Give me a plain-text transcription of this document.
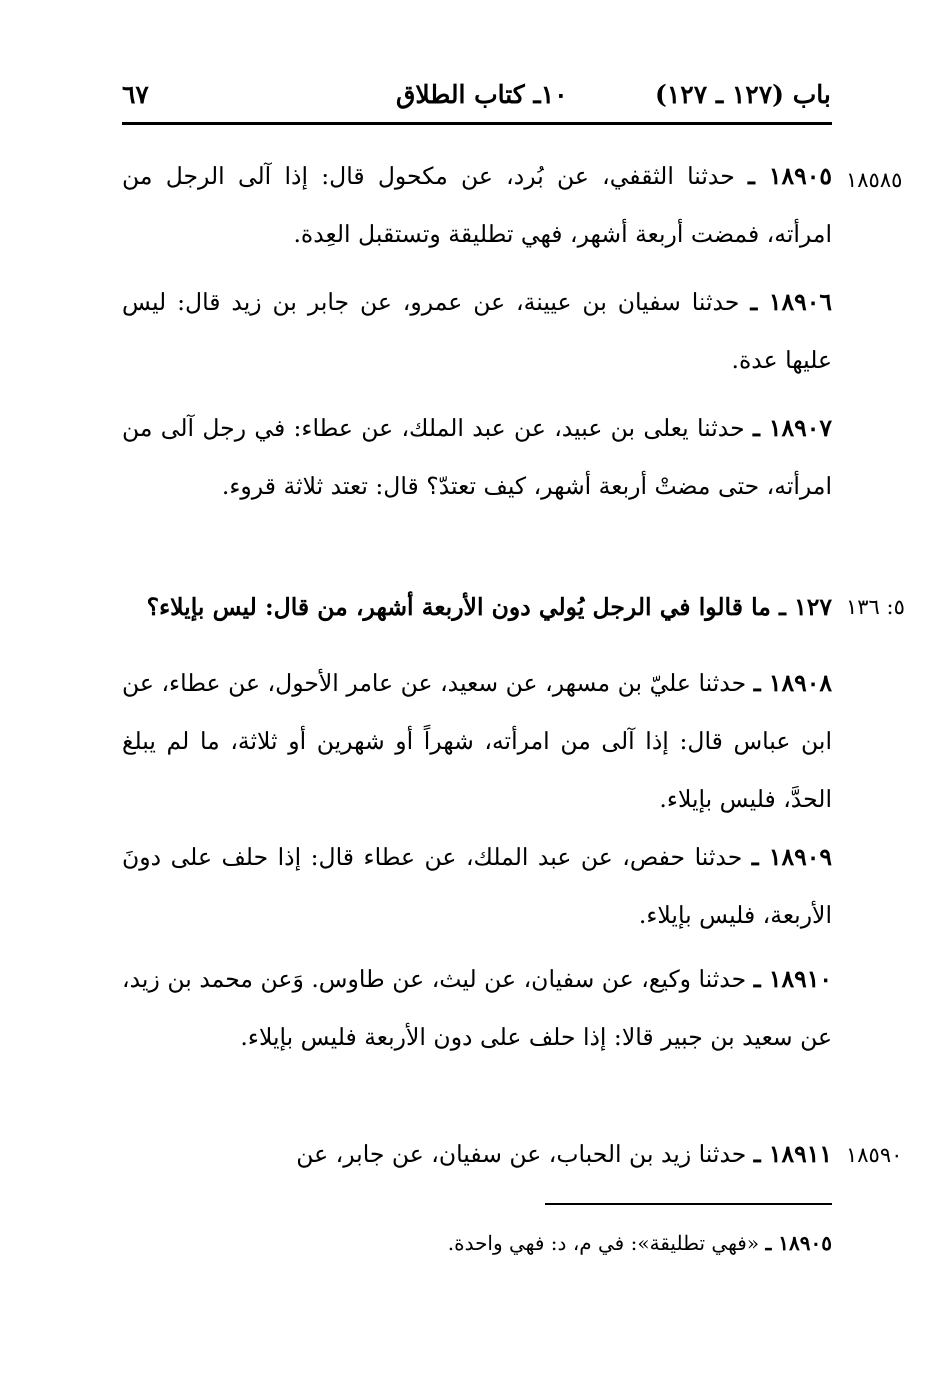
٦٧	١٠ـ كتاب الطلاق	باب (١٢٧ ـ ١٢٧)
١٨٥٨٥
٥: ١٣٦
١٨٥٩٠
١٨٩٠٥ ـ حدثنا الثقفي، عن بُرد، عن مكحول قال: إذا آلى الرجل من امرأته، فمضت أربعة أشهر، فهي تطليقة وتستقبل العِدة.
١٨٩٠٦ ـ حدثنا سفيان بن عيينة، عن عمرو، عن جابر بن زيد قال: ليس عليها عدة.
١٨٩٠٧ ـ حدثنا يعلى بن عبيد، عن عبد الملك، عن عطاء: في رجل آلى من امرأته، حتى مضتْ أربعة أشهر، كيف تعتدّ؟ قال: تعتد ثلاثة قروء.
١٢٧ ـ ما قالوا في الرجل يُولي دون الأربعة أشهر، من قال: ليس بإيلاء؟
١٨٩٠٨ ـ حدثنا عليّ بن مسهر، عن سعيد، عن عامر الأحول، عن عطاء، عن ابن عباس قال: إذا آلى من امرأته، شهراً أو شهرين أو ثلاثة، ما لم يبلغ الحدَّ، فليس بإيلاء.
١٨٩٠٩ ـ حدثنا حفص، عن عبد الملك، عن عطاء قال: إذا حلف على دونَ الأربعة، فليس بإيلاء.
١٨٩١٠ ـ حدثنا وكيع، عن سفيان، عن ليث، عن طاوس. وَعن محمد بن زيد، عن سعيد بن جبير قالا: إذا حلف على دون الأربعة فليس بإيلاء.
١٨٩١١ ـ حدثنا زيد بن الحباب، عن سفيان، عن جابر، عن
١٨٩٠٥ ـ «فهي تطليقة»: في م، د: فهي واحدة.
